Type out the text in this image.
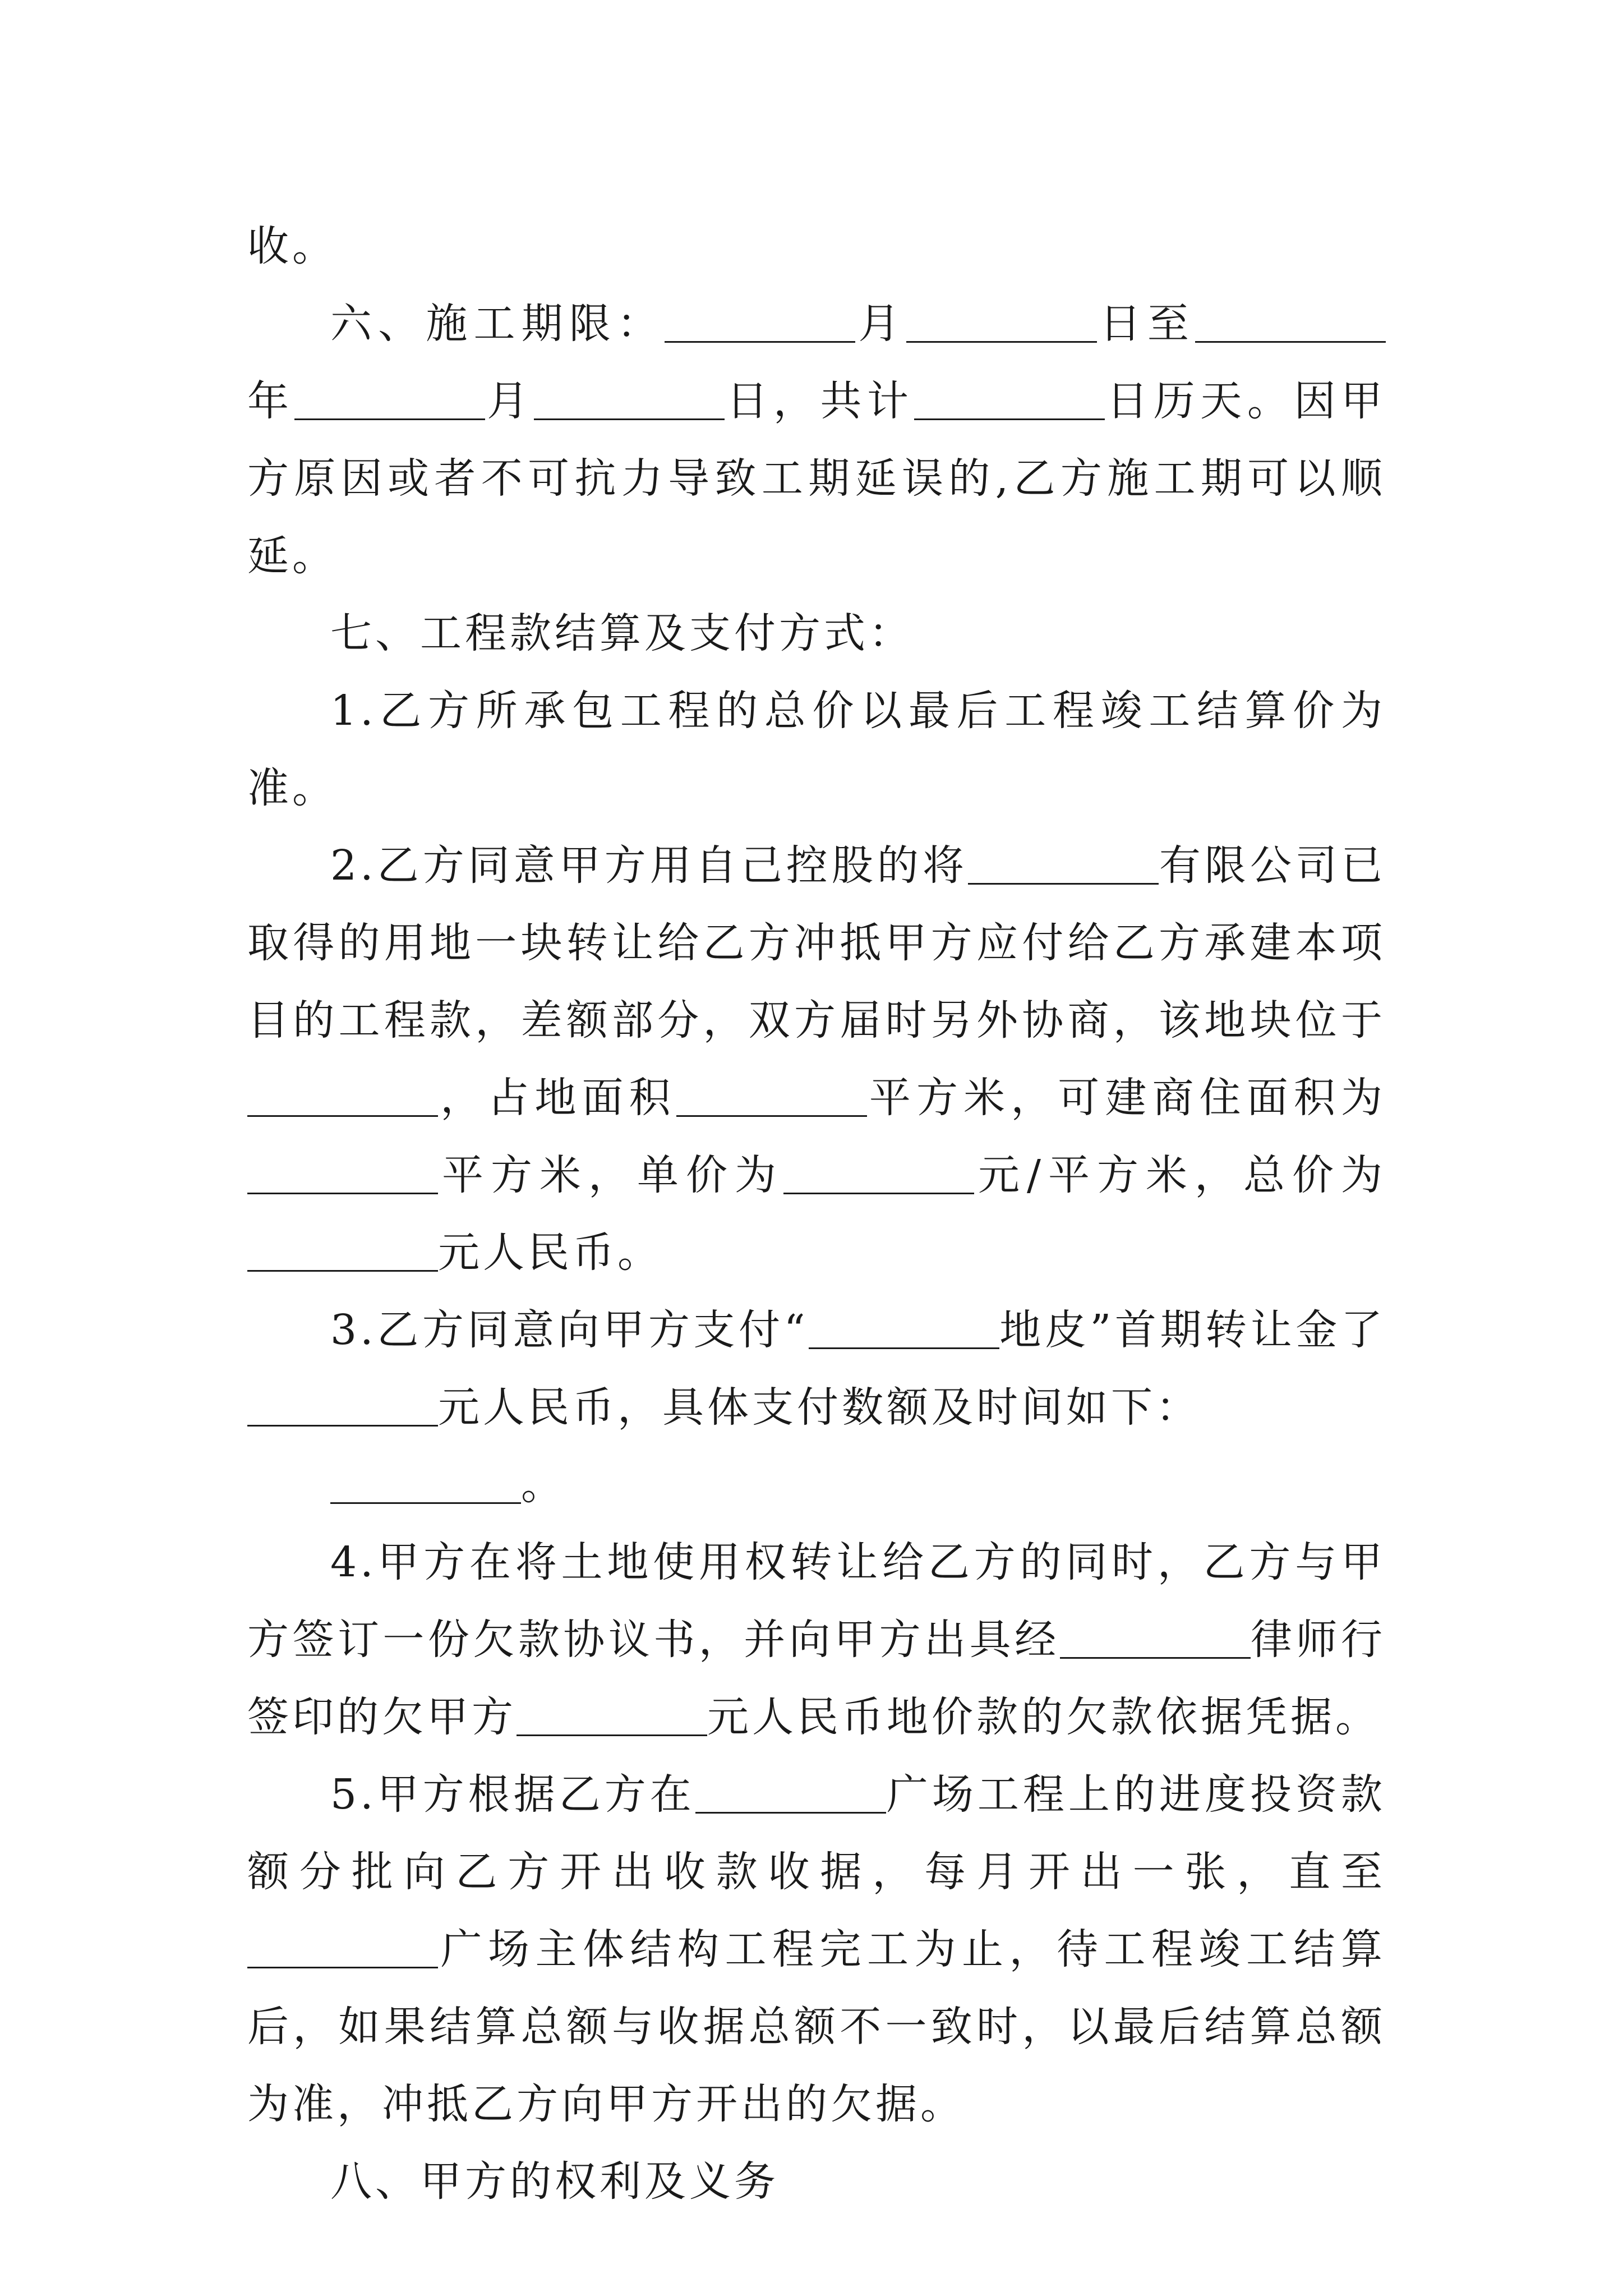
收。

六、施工期限：	月	日至年	月	日，共计	日历天。因甲方原因或者不可抗力导致工期延误的,乙方施工期可以顺延。

七、工程款结算及支付方式：

1.乙方所承包工程的总价以最后工程竣工结算价为准。

2.乙方同意甲方用自己控股的将	有限公司已取得的用地一块转让给乙方冲抵甲方应付给乙方承建本项目的工程款，差额部分，双方届时另外协商，该地块位于，占地面积	平方米，可建商住面积为平方米，单价为	元/平方米，总价为元人民币。

3.乙方同意向甲方支付“	地皮”首期转让金了元人民币，具体支付数额及时间如下：

。

4.甲方在将土地使用权转让给乙方的同时，乙方与甲方签订一份欠款协议书，并向甲方出具经	律师行签印的欠甲方	元人民币地价款的欠款依据凭据。

5.甲方根据乙方在	广场工程上的进度投资款额分批向乙方开出收款收据，每月开出一张，直至广场主体结构工程完工为止，待工程竣工结算后，如果结算总额与收据总额不一致时，以最后结算总额为准，冲抵乙方向甲方开出的欠据。

八、甲方的权利及义务
